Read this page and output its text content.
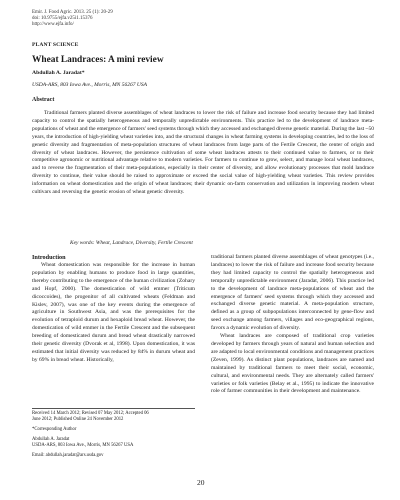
Emir. J. Food Agric. 2013. 25 (1): 20-29
doi: 10.9755/ejfa.v25i1.15376
http://www.ejfa.info/
PLANT SCIENCE
Wheat Landraces: A mini review
Abdullah A. Jaradat*
USDA-ARS, 803 Iowa Ave., Morris, MN 56267 USA
Abstract

Traditional farmers planted diverse assemblages of wheat landraces to lower the risk of failure and increase food security because they had limited capacity to control the spatially heterogeneous and temporally unpredictable environments. This practice led to the development of landrace meta-populations of wheat and the emergence of farmers' seed systems through which they accessed and exchanged diverse genetic material. During the last ~50 years, the introduction of high-yielding wheat varieties into, and the structural changes in wheat farming systems in developing countries, led to the loss of genetic diversity and fragmentation of meta-population structures of wheat landraces from large parts of the Fertile Crescent, the center of origin and diversity of wheat landraces. However, the persistence cultivation of some wheat landraces attests to their continued value to farmers, or to their competitive agronomic or nutritional advantage relative to modern varieties. For farmers to continue to grow, select, and manage local wheat landraces, and to reverse the fragmentation of their meta-populations, especially in their center of diversity, and allow evolutionary processes that mold landrace diversity to continue, their value should be raised to approximate or exceed the social value of high-yielding wheat varieties. This review provides information on wheat domestication and the origin of wheat landraces; their dynamic on-farm conservation and utilization in improving modern wheat cultivars and reversing the genetic erosion of wheat genetic diversity.

Key words: Wheat, Landrace, Diversity, Fertile Crescent
Introduction
Wheat domestication was responsible for the increase in human population by enabling humans to produce food in large quantities, thereby contributing to the emergence of the human civilization (Zohary and Hopf, 2000). The domestication of wild emmer (Triticum dicoccoides), the progenitor of all cultivated wheats (Feldman and Kislev, 2007), was one of the key events during the emergence of agriculture in Southwest Asia, and was the prerequisites for the evolution of tetraploid durum and hexaploid bread wheat. However, the domestication of wild emmer in the Fertile Crescent and the subsequent breeding of domesticated durum and bread wheat drastically narrowed their genetic diversity (Dvorak et al, 1998). Upon domestication, it was estimated that initial diversity was reduced by 84% in durum wheat and by 69% in bread wheat. Historically,
traditional farmers planted diverse assemblages of wheat genotypes (i.e., landraces) to lower the risk of failure and increase food security because they had limited capacity to control the spatially heterogeneous and temporally unpredictable environment (Jaradat, 2006). This practice led to the development of landrace meta-populations of wheat and the emergence of farmers' seed systems through which they accessed and exchanged diverse genetic material. A meta-population structure, defined as a group of subpopulations interconnected by gene-flow and seed exchange among farmers, villages and eco-geographical regions, favors a dynamic evolution of diversity.
Wheat landraces are composed of traditional crop varieties developed by farmers through years of natural and human selection and are adapted to local environmental conditions and management practices (Zeven, 1999). As distinct plant populations, landraces are named and maintained by traditional farmers to meet their social, economic, cultural, and environmental needs. They are alternately called farmers' varieties or folk varieties (Belay et al., 1995) to indicate the innovative role of farmer communities in their development and maintenance.
Received 14 March 2012; Revised 07 May 2012; Accepted 06
June 2012; Published Online 24 November 2012
*Corresponding Author
Abdullah A. Jaradat
USDA-ARS, 803 Iowa Ave., Morris, MN 56267 USA
Email: abdullah.jaradat@ars.usda.gov
20
